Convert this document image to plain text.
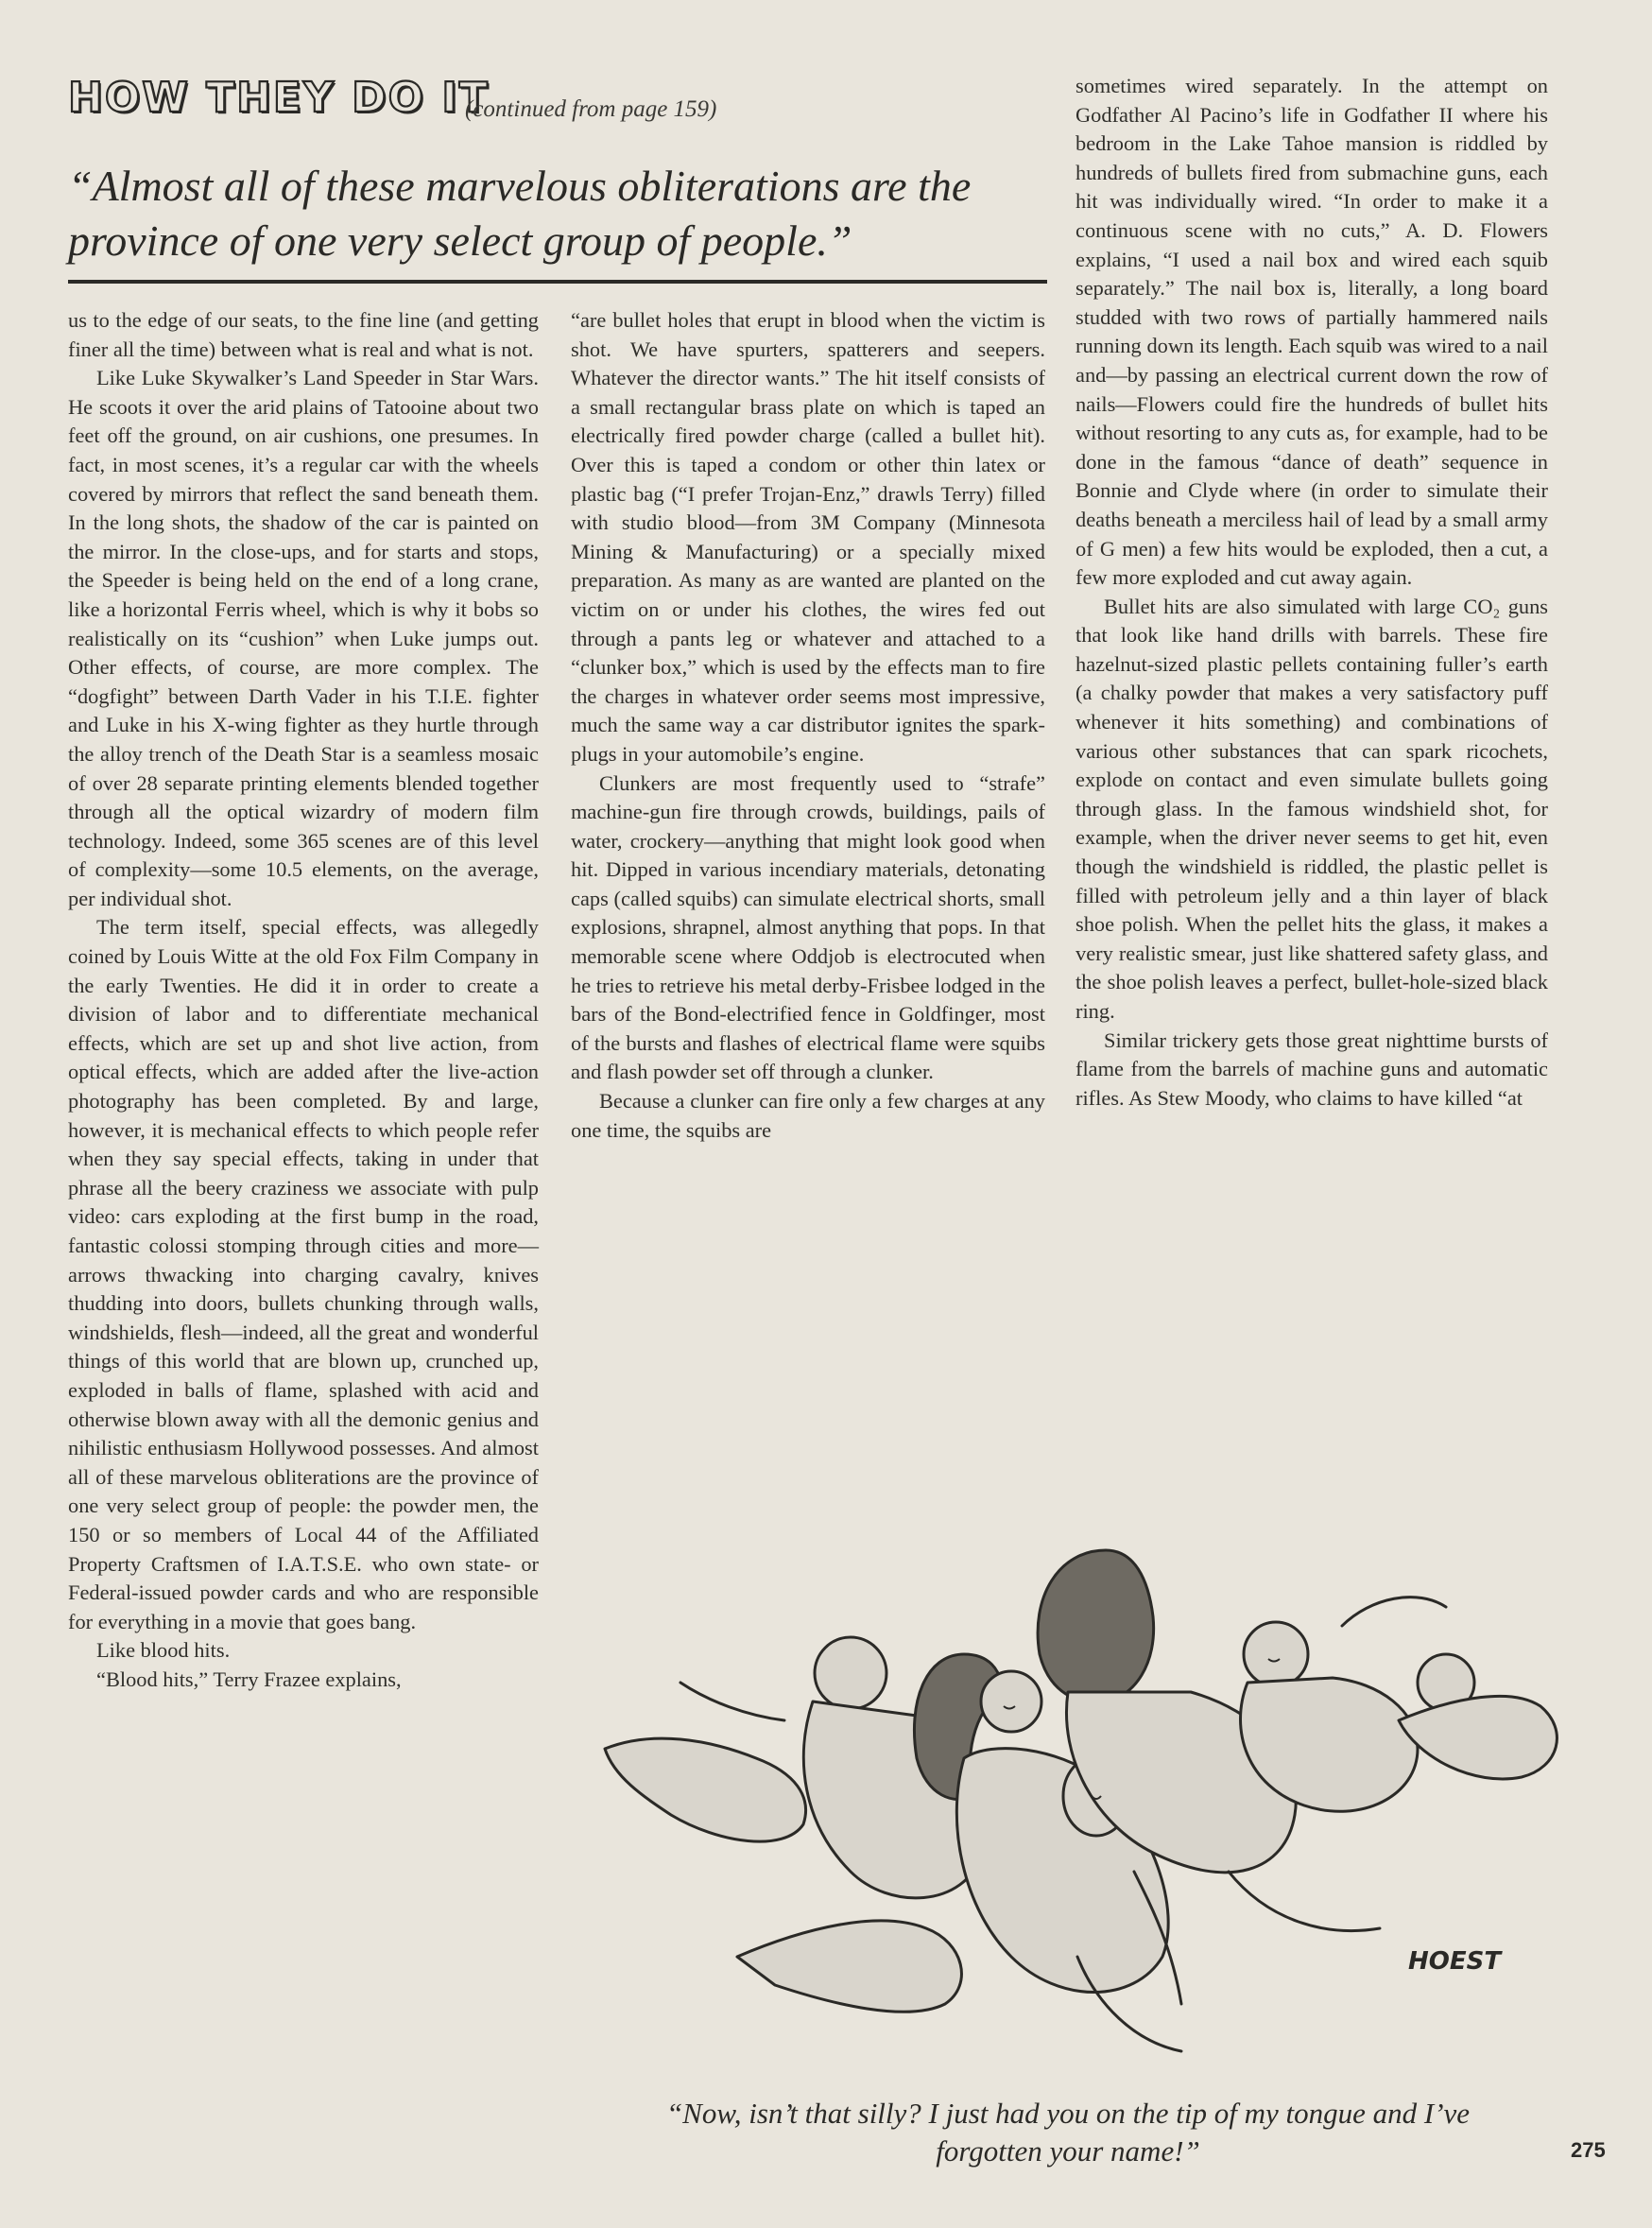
HOW THEY DO IT
(continued from page 159)
“Almost all of these marvelous obliterations are the province of one very select group of people.”

us to the edge of our seats, to the fine line (and getting finer all the time) between what is real and what is not.

Like Luke Skywalker’s Land Speeder in Star Wars. He scoots it over the arid plains of Tatooine about two feet off the ground, on air cushions, one presumes. In fact, in most scenes, it’s a regular car with the wheels covered by mirrors that reflect the sand beneath them. In the long shots, the shadow of the car is painted on the mirror. In the close-ups, and for starts and stops, the Speeder is being held on the end of a long crane, like a horizontal Ferris wheel, which is why it bobs so realistically on its “cushion” when Luke jumps out. Other effects, of course, are more complex. The “dogfight” between Darth Vader in his T.I.E. fighter and Luke in his X-wing fighter as they hurtle through the alloy trench of the Death Star is a seamless mosaic of over 28 separate printing elements blended together through all the optical wizardry of modern film technology. Indeed, some 365 scenes are of this level of complexity—some 10.5 elements, on the average, per individual shot.

The term itself, special effects, was allegedly coined by Louis Witte at the old Fox Film Company in the early Twenties. He did it in order to create a division of labor and to differentiate mechanical effects, which are set up and shot live action, from optical effects, which are added after the live-action photography has been completed. By and large, however, it is mechanical effects to which people refer when they say special effects, taking in under that phrase all the beery craziness we associate with pulp video: cars exploding at the first bump in the road, fantastic colossi stomping through cities and more—arrows thwacking into charging cavalry, knives thudding into doors, bullets chunking through walls, windshields, flesh—indeed, all the great and wonderful things of this world that are blown up, crunched up, exploded in balls of flame, splashed with acid and otherwise blown away with all the demonic genius and nihilistic enthusiasm Hollywood possesses. And almost all of these marvelous obliterations are the province of one very select group of people: the powder men, the 150 or so members of Local 44 of the Affiliated Property Craftsmen of I.A.T.S.E. who own state- or Federal-issued powder cards and who are responsible for everything in a movie that goes bang.

Like blood hits.

“Blood hits,” Terry Frazee explains,

“are bullet holes that erupt in blood when the victim is shot. We have spurters, spatterers and seepers. Whatever the director wants.” The hit itself consists of a small rectangular brass plate on which is taped an electrically fired powder charge (called a bullet hit). Over this is taped a condom or other thin latex or plastic bag (“I prefer Trojan-Enz,” drawls Terry) filled with studio blood—from 3M Company (Minnesota Mining & Manufacturing) or a specially mixed preparation. As many as are wanted are planted on the victim on or under his clothes, the wires fed out through a pants leg or whatever and attached to a “clunker box,” which is used by the effects man to fire the charges in whatever order seems most impressive, much the same way a car distributor ignites the spark-plugs in your automobile’s engine.

Clunkers are most frequently used to “strafe” machine-gun fire through crowds, buildings, pails of water, crockery—anything that might look good when hit. Dipped in various incendiary materials, detonating caps (called squibs) can simulate electrical shorts, small explosions, shrapnel, almost anything that pops. In that memorable scene where Oddjob is electrocuted when he tries to retrieve his metal derby-Frisbee lodged in the bars of the Bond-electrified fence in Goldfinger, most of the bursts and flashes of electrical flame were squibs and flash powder set off through a clunker.

Because a clunker can fire only a few charges at any one time, the squibs are

sometimes wired separately. In the attempt on Godfather Al Pacino’s life in Godfather II where his bedroom in the Lake Tahoe mansion is riddled by hundreds of bullets fired from submachine guns, each hit was individually wired. “In order to make it a continuous scene with no cuts,” A. D. Flowers explains, “I used a nail box and wired each squib separately.” The nail box is, literally, a long board studded with two rows of partially hammered nails running down its length. Each squib was wired to a nail and—by passing an electrical current down the row of nails—Flowers could fire the hundreds of bullet hits without resorting to any cuts as, for example, had to be done in the famous “dance of death” sequence in Bonnie and Clyde where (in order to simulate their deaths beneath a merciless hail of lead by a small army of G men) a few hits would be exploded, then a cut, a few more exploded and cut away again.

Bullet hits are also simulated with large CO₂ guns that look like hand drills with barrels. These fire hazelnut-sized plastic pellets containing fuller’s earth (a chalky powder that makes a very satisfactory puff whenever it hits something) and combinations of various other substances that can spark ricochets, explode on contact and even simulate bullets going through glass. In the famous windshield shot, for example, when the driver never seems to get hit, even though the windshield is riddled, the plastic pellet is filled with petroleum jelly and a thin layer of black shoe polish. When the pellet hits the glass, it makes a very realistic smear, just like shattered safety glass, and the shoe polish leaves a perfect, bullet-hole-sized black ring.

Similar trickery gets those great nighttime bursts of flame from the barrels of machine guns and automatic rifles. As Stew Moody, who claims to have killed “at

HOEST
“Now, isn’t that silly? I just had you on the tip of my tongue and I’ve forgotten your name!”	275
